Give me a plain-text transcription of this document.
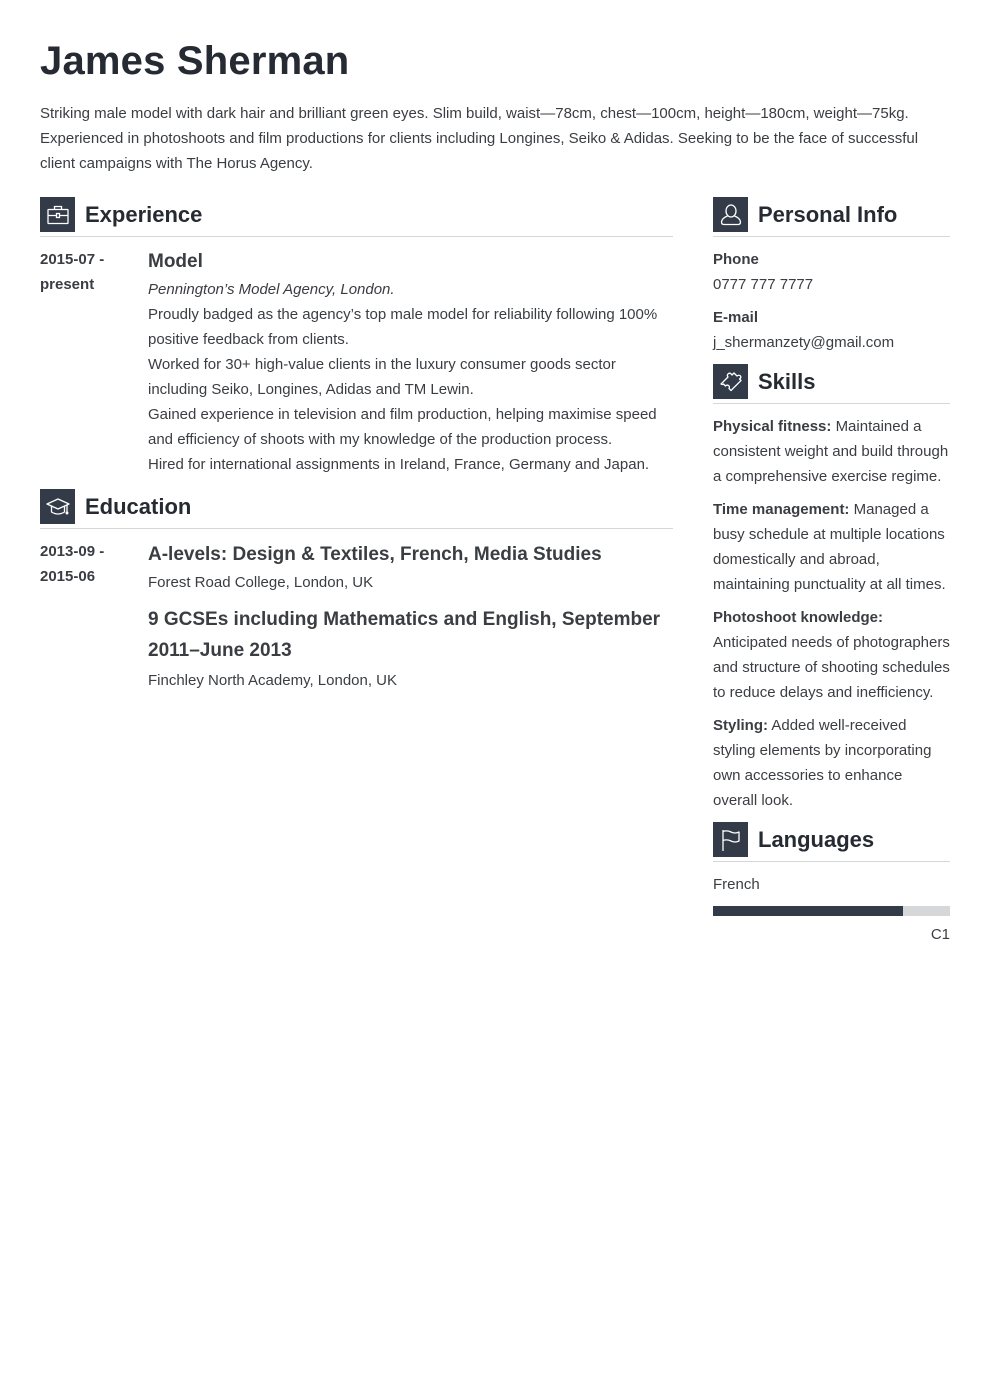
James Sherman

Striking male model with dark hair and brilliant green eyes. Slim build, waist—78cm, chest—100cm, height—180cm, weight—75kg. Experienced in photoshoots and film productions for clients including Longines, Seiko & Adidas. Seeking to be the face of successful client campaigns with The Horus Agency.

Experience
2015-07 -
present
Model
Pennington’s Model Agency, London.
Proudly badged as the agency’s top male model for reliability following 100% positive feedback from clients.
Worked for 30+ high-value clients in the luxury consumer goods sector including Seiko, Longines, Adidas and TM Lewin.
Gained experience in television and film production, helping maximise speed and efficiency of shoots with my knowledge of the production process.
Hired for international assignments in Ireland, France, Germany and Japan.
Education
2013-09 -
2015-06
A-levels: Design & Textiles, French, Media Studies
Forest Road College, London, UK
9 GCSEs including Mathematics and English, September 2011–June 2013
Finchley North Academy, London, UK
Personal Info
Phone
0777 777 7777
E-mail
j_shermanzety@gmail.com
Skills
Physical fitness: Maintained a consistent weight and build through a comprehensive exercise regime.
Time management: Managed a busy schedule at multiple locations domestically and abroad, maintaining punctuality at all times.
Photoshoot knowledge: Anticipated needs of photographers and structure of shooting schedules to reduce delays and inefficiency.
Styling: Added well-received styling elements by incorporating own accessories to enhance overall look.
Languages
French
C1
